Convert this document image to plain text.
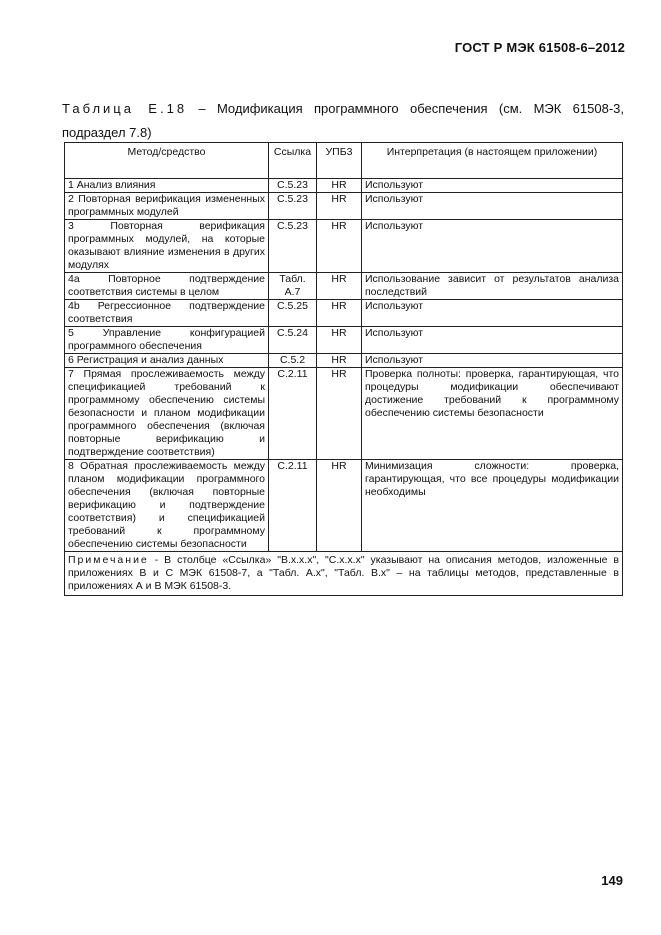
ГОСТ Р МЭК 61508-6–2012
Таблица Е.18 – Модификация программного обеспечения (см. МЭК 61508-3, подраздел 7.8)
Метод/средство	Ссылка	УПБ3	Интерпретация (в настоящем приложении)
1 Анализ влияния	С.5.23	HR	Используют
2 Повторная верификация измененных программных модулей	С.5.23	HR	Используют
3 Повторная верификация программных модулей, на которые оказывают влияние изменения в других модулях	С.5.23	HR	Используют
4а Повторное подтверждение соответствия системы в целом	Табл. А.7	HR	Использование зависит от результатов анализа последствий
4b Регрессионное подтверждение соответствия	С.5.25	HR	Используют
5 Управление конфигурацией программного обеспечения	С.5.24	HR	Используют
6 Регистрация и анализ данных	С.5.2	HR	Используют
7 Прямая прослеживаемость между спецификацией требований к программному обеспечению системы безопасности и планом модификации программного обеспечения (включая повторные верификацию и подтверждение соответствия)	С.2.11	HR	Проверка полноты: проверка, гарантирующая, что процедуры модификации обеспечивают достижение требований к программному обеспечению системы безопасности
8 Обратная прослеживаемость между планом модификации программного обеспечения (включая повторные верификацию и подтверждение соответствия) и спецификацией требований к программному обеспечению системы безопасности	С.2.11	HR	Минимизация сложности: проверка, гарантирующая, что все процедуры модификации необходимы
Примечание - В столбце «Ссылка» "В.x.x.x", "С.x.x.x" указывают на описания методов, изложенные в приложениях В и С МЭК 61508-7, а "Табл. А.x", "Табл. В.x" – на таблицы методов, представленные в приложениях А и В МЭК 61508-3.			
149
